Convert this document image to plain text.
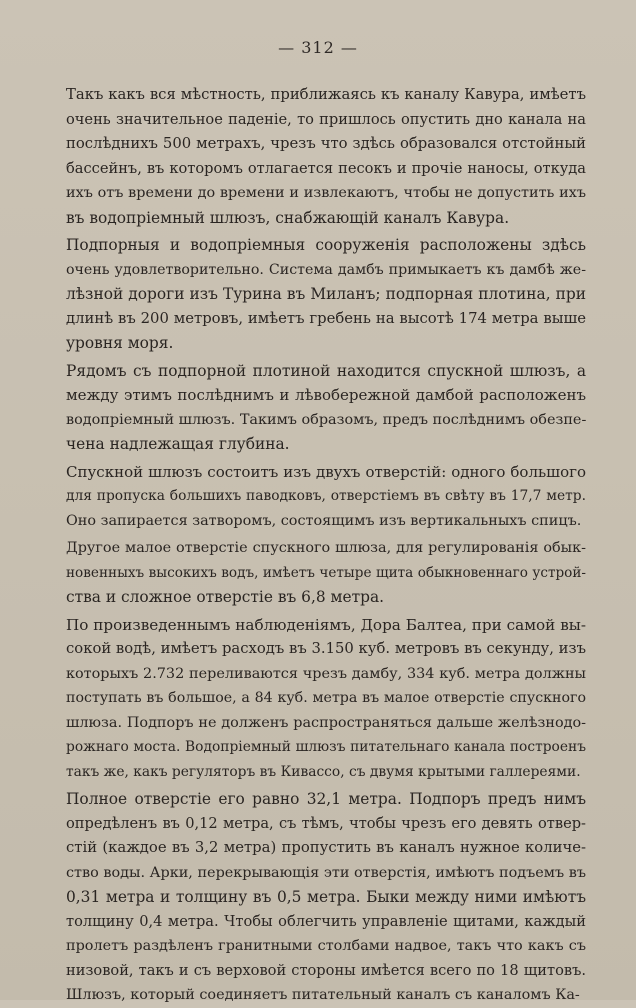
— 312 —
Такъ какъ вся мѣстность, приближаясь къ каналу Кавура, имѣетъ
очень значительное паденіе, то пришлось опустить дно канала на
послѣднихъ 500 метрахъ, чрезъ что здѣсь образовался отстойный
бассейнъ, въ которомъ отлагается песокъ и прочіе наносы, откуда
ихъ отъ времени до времени и извлекаютъ, чтобы не допустить ихъ
въ водопріемный шлюзъ, снабжающій каналъ Кавура.
Подпорныя и водопріемныя сооруженія расположены здѣсь
очень удовлетворительно. Система дамбъ примыкаетъ къ дамбѣ же-
лѣзной дороги изъ Турина въ Миланъ; подпорная плотина, при
длинѣ въ 200 метровъ, имѣетъ гребень на высотѣ 174 метра выше
уровня моря.
Рядомъ съ подпорной плотиной находится спускной шлюзъ, а
между этимъ послѣднимъ и лѣвобережной дамбой расположенъ
водопріемный шлюзъ. Такимъ образомъ, предъ послѣднимъ обезпе-
чена надлежащая глубина.
Спускной шлюзъ состоитъ изъ двухъ отверстій: одного большого
для пропуска большихъ паводковъ, отверстіемъ въ свѣту въ 17,7 метр.
Оно запирается затворомъ, состоящимъ изъ вертикальныхъ спицъ.
Другое малое отверстіе спускного шлюза, для регулированія обык-
новенныхъ высокихъ водъ, имѣетъ четыре щита обыкновеннаго устрой-
ства и сложное отверстіе въ 6,8 метра.
По произведеннымъ наблюденіямъ, Дора Балтеа, при самой вы-
сокой водѣ, имѣетъ расходъ въ 3.150 куб. метровъ въ секунду, изъ
которыхъ 2.732 переливаются чрезъ дамбу, 334 куб. метра должны
поступать въ большое, а 84 куб. метра въ малое отверстіе спускного
шлюза. Подпоръ не долженъ распространяться дальше желѣзнодо-
рожнаго моста. Водопріемный шлюзъ питательнаго канала построенъ
такъ же, какъ регуляторъ въ Кивассо, съ двумя крытыми галлереями.
Полное отверстіе его равно 32,1 метра. Подпоръ предъ нимъ
опредѣленъ въ 0,12 метра, съ тѣмъ, чтобы чрезъ его девять отвер-
стій (каждое въ 3,2 метра) пропустить въ каналъ нужное количе-
ство воды. Арки, перекрывающія эти отверстія, имѣютъ подъемъ въ
0,31 метра и толщину въ 0,5 метра. Быки между ними имѣютъ
толщину 0,4 метра. Чтобы облегчить управленіе щитами, каждый
пролетъ раздѣленъ гранитными столбами надвое, такъ что какъ съ
низовой, такъ и съ верховой стороны имѣется всего по 18 щитовъ.
Шлюзъ, который соединяетъ питательный каналъ съ каналомъ Ка-
